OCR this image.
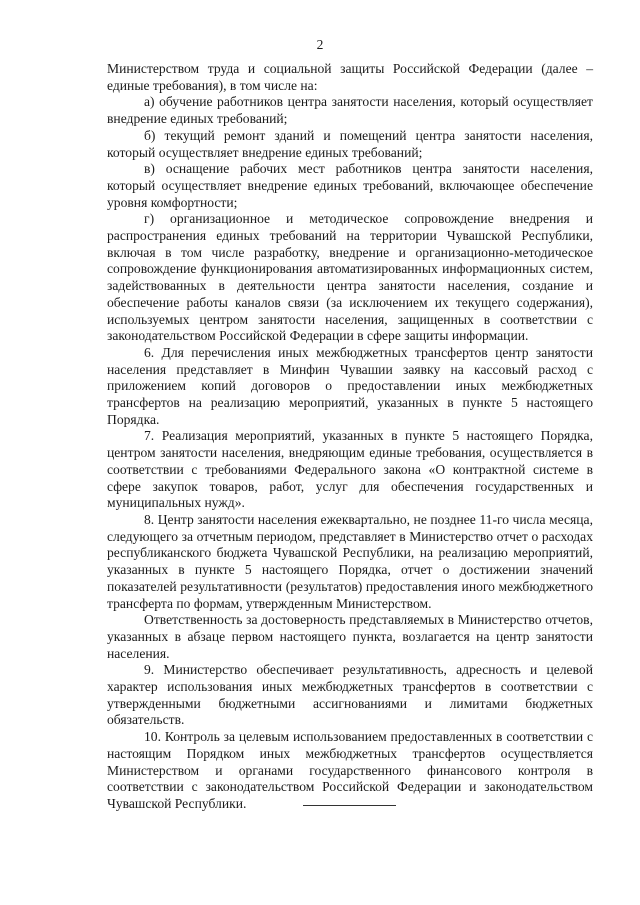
2

Министерством труда и социальной защиты Российской Федерации (далее – единые требования), в том числе на:

а) обучение работников центра занятости населения, который осуществляет внедрение единых требований;

б) текущий ремонт зданий и помещений центра занятости населения, который осуществляет внедрение единых требований;

в) оснащение рабочих мест работников центра занятости населения, который осуществляет внедрение единых требований, включающее обеспечение уровня комфортности;

г) организационное и методическое сопровождение внедрения и распространения единых требований на территории Чувашской Республики, включая в том числе разработку, внедрение и организационно-методическое сопровождение функционирования автоматизированных информационных систем, задействованных в деятельности центра занятости населения, создание и обеспечение работы каналов связи (за исключением их текущего содержания), используемых центром занятости населения, защищенных в соответствии с законодательством Российской Федерации в сфере защиты информации.

6. Для перечисления иных межбюджетных трансфертов центр занятости населения представляет в Минфин Чувашии заявку на кассовый расход с приложением копий договоров о предоставлении иных межбюджетных трансфертов на реализацию мероприятий, указанных в пункте 5 настоящего Порядка.

7. Реализация мероприятий, указанных в пункте 5 настоящего Порядка, центром занятости населения, внедряющим единые требования, осуществляется в соответствии с требованиями Федерального закона «О контрактной системе в сфере закупок товаров, работ, услуг для обеспечения государственных и муниципальных нужд».

8. Центр занятости населения ежеквартально, не позднее 11-го числа месяца, следующего за отчетным периодом, представляет в Министерство отчет о расходах республиканского бюджета Чувашской Республики, на реализацию мероприятий, указанных в пункте 5 настоящего Порядка, отчет о достижении значений показателей результативности (результатов) предоставления иного межбюджетного трансферта по формам, утвержденным Министерством.

Ответственность за достоверность представляемых в Министерство отчетов, указанных в абзаце первом настоящего пункта, возлагается на центр занятости населения.

9. Министерство обеспечивает результативность, адресность и целевой характер использования иных межбюджетных трансфертов в соответствии с утвержденными бюджетными ассигнованиями и лимитами бюджетных обязательств.

10. Контроль за целевым использованием предоставленных в соответствии с настоящим Порядком иных межбюджетных трансфертов осуществляется Министерством и органами государственного финансового контроля в соответствии с законодательством Российской Федерации и законодательством Чувашской Республики.
